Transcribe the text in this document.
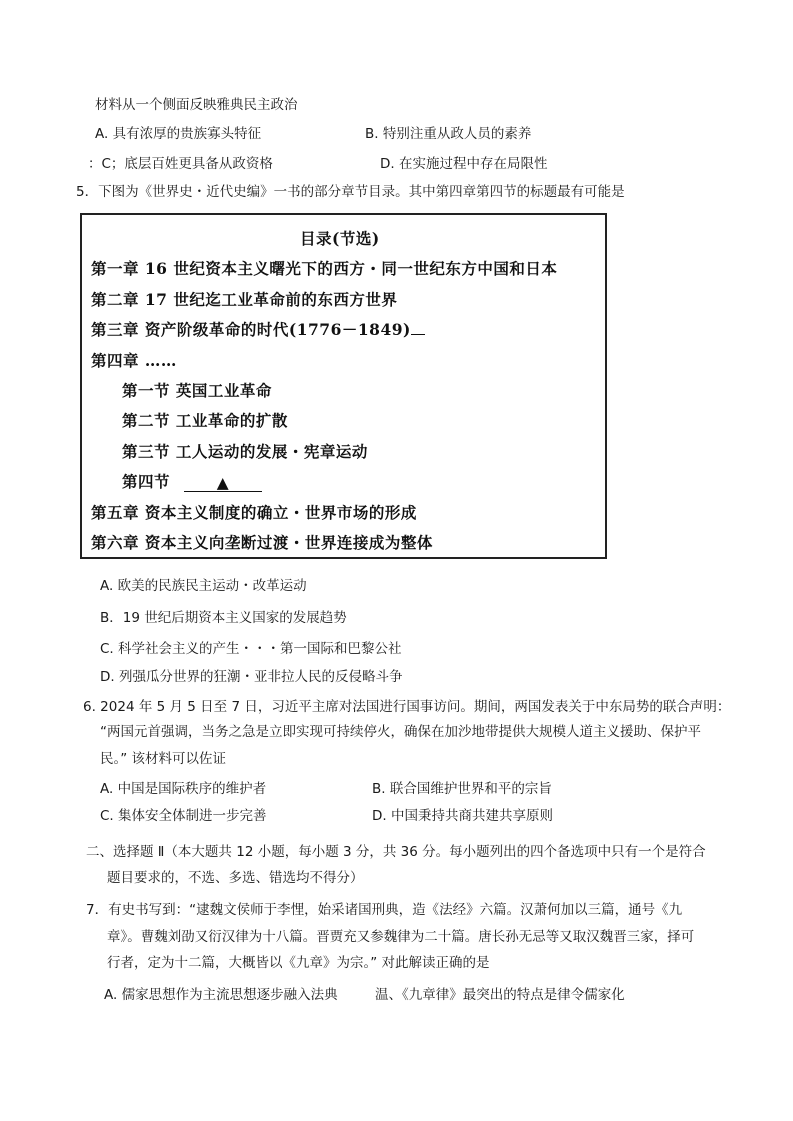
材料从一个侧面反映雅典民主政治
A. 具有浓厚的贵族寡头特征	B. 特别注重从政人员的素养
：C；底层百姓更具备从政资格	D. 在实施过程中存在局限性
5．下图为《世界史・近代史编》一书的部分章节目录。其中第四章第四节的标题最有可能是
目录(节选)
第一章 16 世纪资本主义曙光下的西方・同一世纪东方中国和日本
第二章 17 世纪迄工业革命前的东西方世界
第三章 资产阶级革命的时代(1776－1849)
第四章 ……
第一节 英国工业革命
第二节 工业革命的扩散
第三节 工人运动的发展・宪章运动
第四节	▲
第五章 资本主义制度的确立・世界市场的形成
第六章 资本主义向垄断过渡・世界连接成为整体
A. 欧美的民族民主运动・改革运动
B．19 世纪后期资本主义国家的发展趋势
C. 科学社会主义的产生・・・第一国际和巴黎公社
D. 列强瓜分世界的狂潮・亚非拉人民的反侵略斗争
6. 2024 年 5 月 5 日至 7 日，习近平主席对法国进行国事访问。期间，两国发表关于中东局势的联合声明：
“两国元首强调，当务之急是立即实现可持续停火，确保在加沙地带提供大规模人道主义援助、保护平
民。” 该材料可以佐证
A. 中国是国际秩序的维护者	B. 联合国维护世界和平的宗旨
C. 集体安全体制进一步完善	D. 中国秉持共商共建共享原则
二、选择题 Ⅱ（本大题共 12 小题，每小题 3 分，共 36 分。每小题列出的四个备选项中只有一个是符合
题目要求的，不选、多选、错选均不得分）
7．有史书写到：“逮魏文侯师于李悝，始采诸国刑典，造《法经》六篇。汉萧何加以三篇，通号《九
章》。曹魏刘劭又衍汉律为十八篇。晋贾充又参魏律为二十篇。唐长孙无忌等又取汉魏晋三家，择可
行者，定为十二篇，大概皆以《九章》为宗。” 对此解读正确的是
A. 儒家思想作为主流思想逐步融入法典	温、《九章律》最突出的特点是律令儒家化
